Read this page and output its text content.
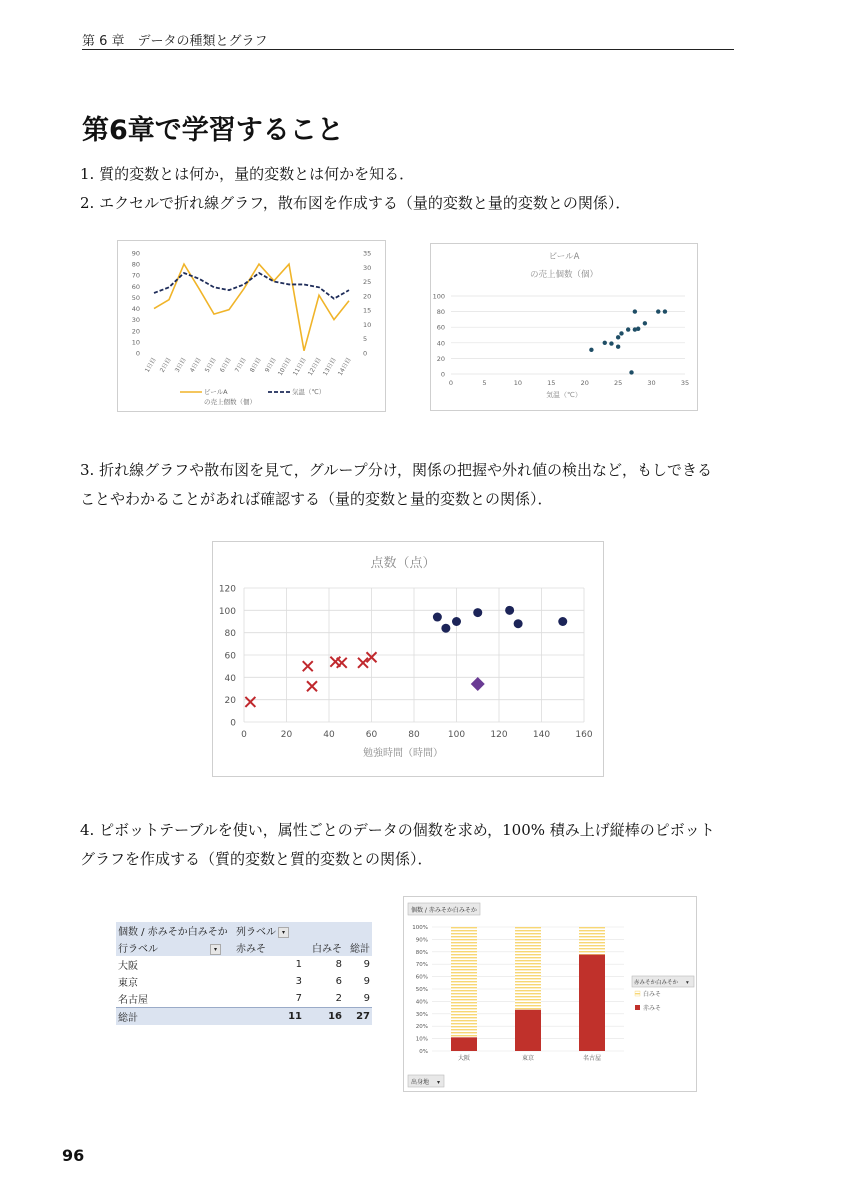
第 6 章　データの種類とグラフ
第6章で学習すること
1. 質的変数とは何か，量的変数とは何かを知る．
2. エクセルで折れ線グラフ，散布図を作成する（量的変数と量的変数との関係）．
0
10
20
30
40
50
60
70
80
90
0
5
10
15
20
25
30
35
1日目 2日目 3日目 4日目 5日目 6日目 7日目 8日目 9日目 10日目 11日目 12日目 13日目 14日目
ビールA
の売上個数（個）
気温（℃）
ビールA
の売上個数（個）
0
20
40
60
80
100
0	5	10	15	20	25	30	35
気温（℃）
3. 折れ線グラフや散布図を見て，グループ分け，関係の把握や外れ値の検出など，もしできる
ことやわかることがあれば確認する（量的変数と量的変数との関係）．
点数（点）
0
20
40
60
80
100
120
0	20	40	60	80	100	120	140	160
勉強時間（時間）
4. ピボットテーブルを使い，属性ごとのデータの個数を求め，100% 積み上げ縦棒のピボット
グラフを作成する（質的変数と質的変数との関係）．
個数 / 赤みそか白みそか 列ラベル ▾
行ラベル	▾	赤みそ	白みそ 総計
大阪	1	8	9
東京	3	6	9
名古屋	7	2	9
総計	11	16	27
個数 / 赤みそか白みそか
出身地 ▾
0%
10%
20%
30%
40%
50%
60%
70%
80%
90%
100%
大阪	東京	名古屋
赤みそか白みそか ▾
白みそ
赤みそ
96
